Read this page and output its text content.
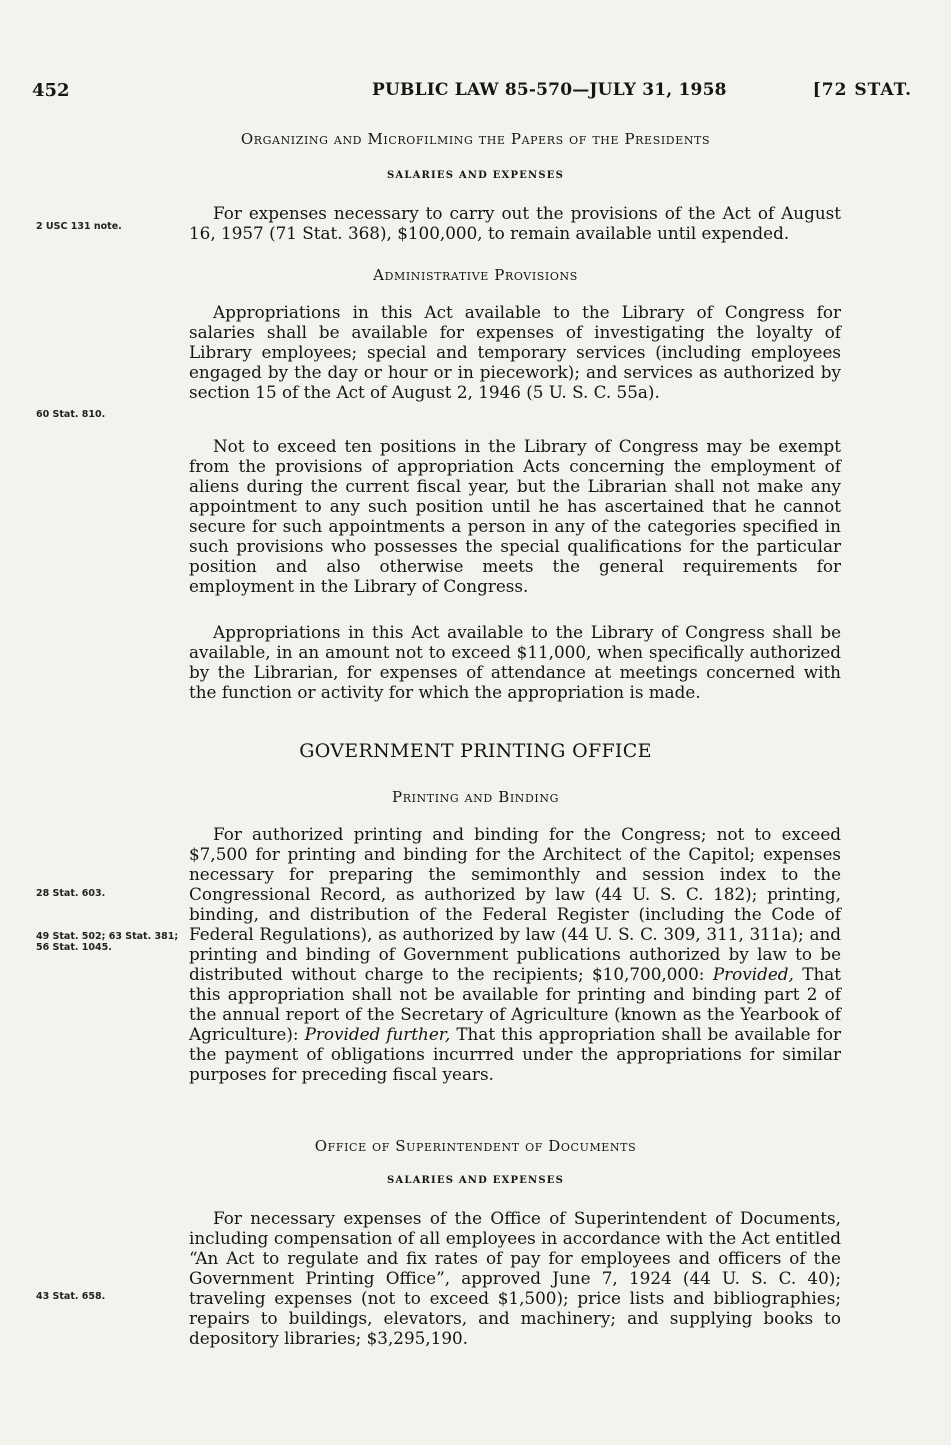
452	PUBLIC LAW 85-570—JULY 31, 1958	[72 STAT.
Organizing and Microfilming the Papers of the Presidents
SALARIES AND EXPENSES
2 USC 131 note.

For expenses necessary to carry out the provisions of the Act of August 16, 1957 (71 Stat. 368), $100,000, to remain available until expended.

Administrative Provisions

Appropriations in this Act available to the Library of Congress for salaries shall be available for expenses of investigating the loyalty of Library employees; special and temporary services (including employees engaged by the day or hour or in piecework); and services as authorized by section 15 of the Act of August 2, 1946 (5 U. S. C. 55a).

60 Stat. 810.

Not to exceed ten positions in the Library of Congress may be exempt from the provisions of appropriation Acts concerning the employment of aliens during the current fiscal year, but the Librarian shall not make any appointment to any such position until he has ascertained that he cannot secure for such appointments a person in any of the categories specified in such provisions who possesses the special qualifications for the particular position and also otherwise meets the general requirements for employment in the Library of Congress.

Appropriations in this Act available to the Library of Congress shall be available, in an amount not to exceed $11,000, when specifically authorized by the Librarian, for expenses of attendance at meetings concerned with the function or activity for which the appropriation is made.

GOVERNMENT PRINTING OFFICE
Printing and Binding
28 Stat. 603.
49 Stat. 502; 63 Stat. 381; 56 Stat. 1045.

For authorized printing and binding for the Congress; not to exceed $7,500 for printing and binding for the Architect of the Capitol; expenses necessary for preparing the semimonthly and session index to the Congressional Record, as authorized by law (44 U. S. C. 182); printing, binding, and distribution of the Federal Register (including the Code of Federal Regulations), as authorized by law (44 U. S. C. 309, 311, 311a); and printing and binding of Government publications authorized by law to be distributed without charge to the recipients; $10,700,000: Provided, That this appropriation shall not be available for printing and binding part 2 of the annual report of the Secretary of Agriculture (known as the Yearbook of Agriculture): Provided further, That this appropriation shall be available for the payment of obligations incurrred under the appropriations for similar purposes for preceding fiscal years.

Office of Superintendent of Documents
SALARIES AND EXPENSES

For necessary expenses of the Office of Superintendent of Documents, including compensation of all employees in accordance with the Act entitled “An Act to regulate and fix rates of pay for employees and officers of the Government Printing Office”, approved June 7, 1924 (44 U. S. C. 40); traveling expenses (not to exceed $1,500); price lists and bibliographies; repairs to buildings, elevators, and machinery; and supplying books to depository libraries; $3,295,190.

43 Stat. 658.
